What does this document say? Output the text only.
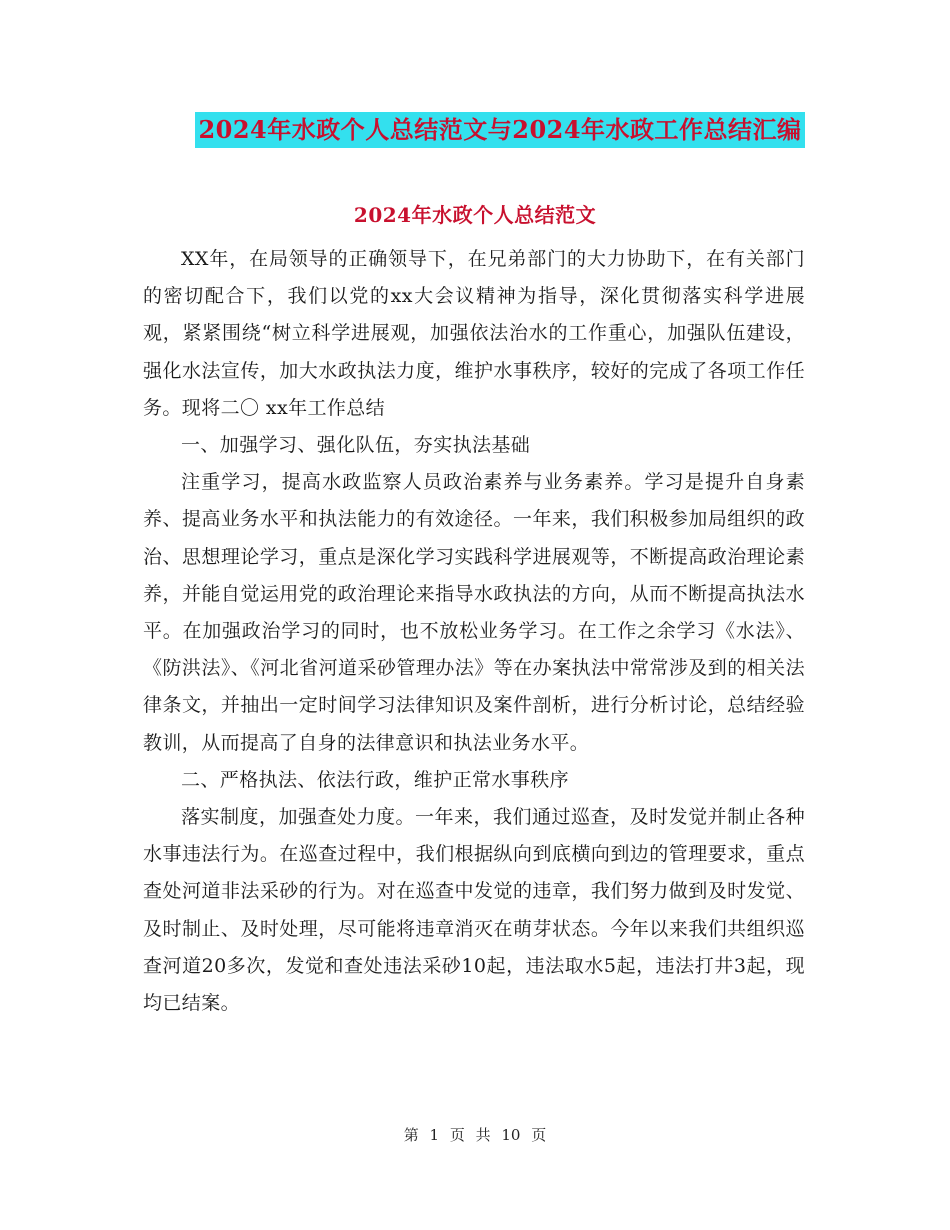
2024年水政个人总结范文与2024年水政工作总结汇编
2024年水政个人总结范文

XX年，在局领导的正确领导下，在兄弟部门的大力协助下，在有关部门的密切配合下，我们以党的xx大会议精神为指导，深化贯彻落实科学进展观，紧紧围绕“树立科学进展观，加强依法治水的工作重心，加强队伍建设，强化水法宣传，加大水政执法力度，维护水事秩序，较好的完成了各项工作任务。现将二〇 xx年工作总结

一、加强学习、强化队伍，夯实执法基础

注重学习，提高水政监察人员政治素养与业务素养。学习是提升自身素养、提高业务水平和执法能力的有效途径。一年来，我们积极参加局组织的政治、思想理论学习，重点是深化学习实践科学进展观等，不断提高政治理论素养，并能自觉运用党的政治理论来指导水政执法的方向，从而不断提高执法水平。在加强政治学习的同时，也不放松业务学习。在工作之余学习《水法》、《防洪法》、《河北省河道采砂管理办法》等在办案执法中常常涉及到的相关法律条文，并抽出一定时间学习法律知识及案件剖析，进行分析讨论，总结经验教训，从而提高了自身的法律意识和执法业务水平。

二、严格执法、依法行政，维护正常水事秩序

落实制度，加强查处力度。一年来，我们通过巡查，及时发觉并制止各种水事违法行为。在巡查过程中，我们根据纵向到底横向到边的管理要求，重点查处河道非法采砂的行为。对在巡查中发觉的违章，我们努力做到及时发觉、及时制止、及时处理，尽可能将违章消灭在萌芽状态。今年以来我们共组织巡查河道20多次，发觉和查处违法采砂10起，违法取水5起，违法打井3起，现均已结案。

第 1 页 共 10 页
